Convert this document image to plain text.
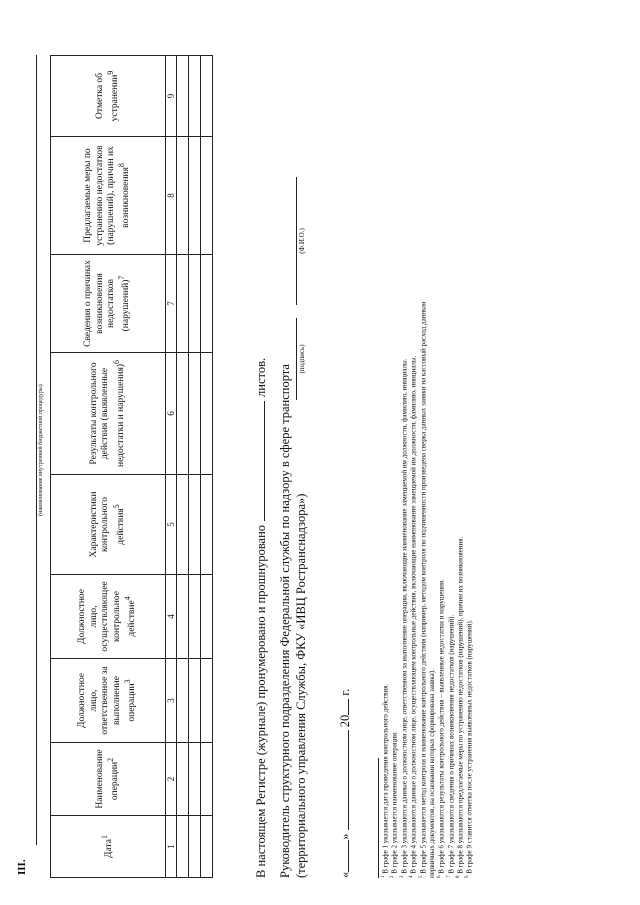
III.
(наименование внутренней бюджетной процедуры)
Дата$^1$	Наименование операции$^2$	Должностное лицо, ответственное за выполнение операции$^3$	Должностное лицо, осуществляющее контрольное действие$^4$	Характеристики контрольного действия$^5$	Результаты контрольного действия (выявленные недостатки и нарушения)$^6$	Сведения о причинах возникновения недостатков (нарушений)$^7$	Предлагаемые меры по устранению недостатков (нарушений), причин их возникновения$^8$	Отметка об устранении$^9$
1	2	3	4	5	6	7	8	9

В настоящем Регистре (журнале) пронумеровано и прошнурованолистов. Руководитель структурного подразделения Федеральной службы по надзору в сфере транспорта (территориального управления Службы, ФКУ «ИВЦ Ространснадзора»)
(подпись)
(Ф.И.О.)
«»  20 г.
$^1$ В графе 1 указывается дата проведения контрольного действия.
$^2$ В графе 2 указывается наименование операции.
$^3$ В графе 3 указываются данные о должностном лице, ответственном за выполнение операции, включающие наименование замещаемой им должности, фамилию, инициалы.
$^4$ В графе 4 указываются данные о должностном лице, осуществляющем контрольные действия, включающие наименование замещаемой им должности, фамилию, инициалы.
$^5$ В графе 5 указывается метод контроля и наименование контрольного действия (например, методом контроля по подчиненности произведена сверка данных заявки на кассовый расход данным первичных документов, на основании которых сформирована заявка). $^6$ В графе 6 указываются результаты контрольного действия – выявленные недостатки и нарушения.
$^7$ В графе 7 указываются сведения о причинах возникновения недостатков (нарушений).
$^8$ В графе 8 указываются предлагаемые меры по устранению недостатков (нарушений), причин их возникновения.
$^9$ В графе 9 ставится отметка после устранения выявленных недостатков (нарушений).
